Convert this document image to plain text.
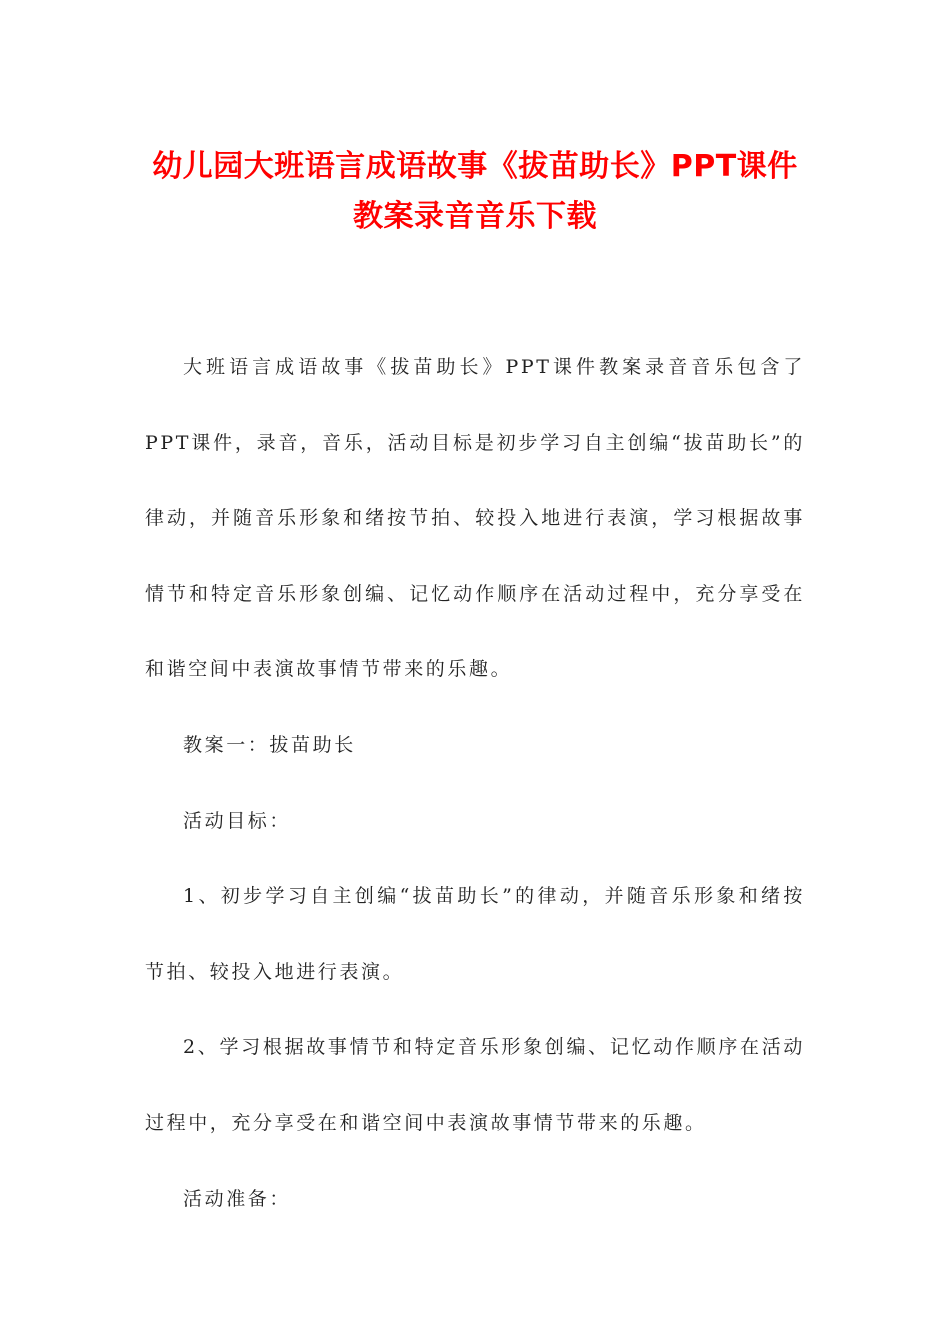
幼儿园大班语言成语故事《拔苗助长》PPT课件教案录音音乐下载

大班语言成语故事《拔苗助长》PPT课件教案录音音乐包含了PPT课件，录音，音乐，活动目标是初步学习自主创编“拔苗助长”的律动，并随音乐形象和绪按节拍、较投入地进行表演，学习根据故事情节和特定音乐形象创编、记忆动作顺序在活动过程中，充分享受在和谐空间中表演故事情节带来的乐趣。

教案一：拔苗助长

活动目标：

1、初步学习自主创编“拔苗助长”的律动，并随音乐形象和绪按节拍、较投入地进行表演。

2、学习根据故事情节和特定音乐形象创编、记忆动作顺序在活动过程中，充分享受在和谐空间中表演故事情节带来的乐趣。

活动准备：
